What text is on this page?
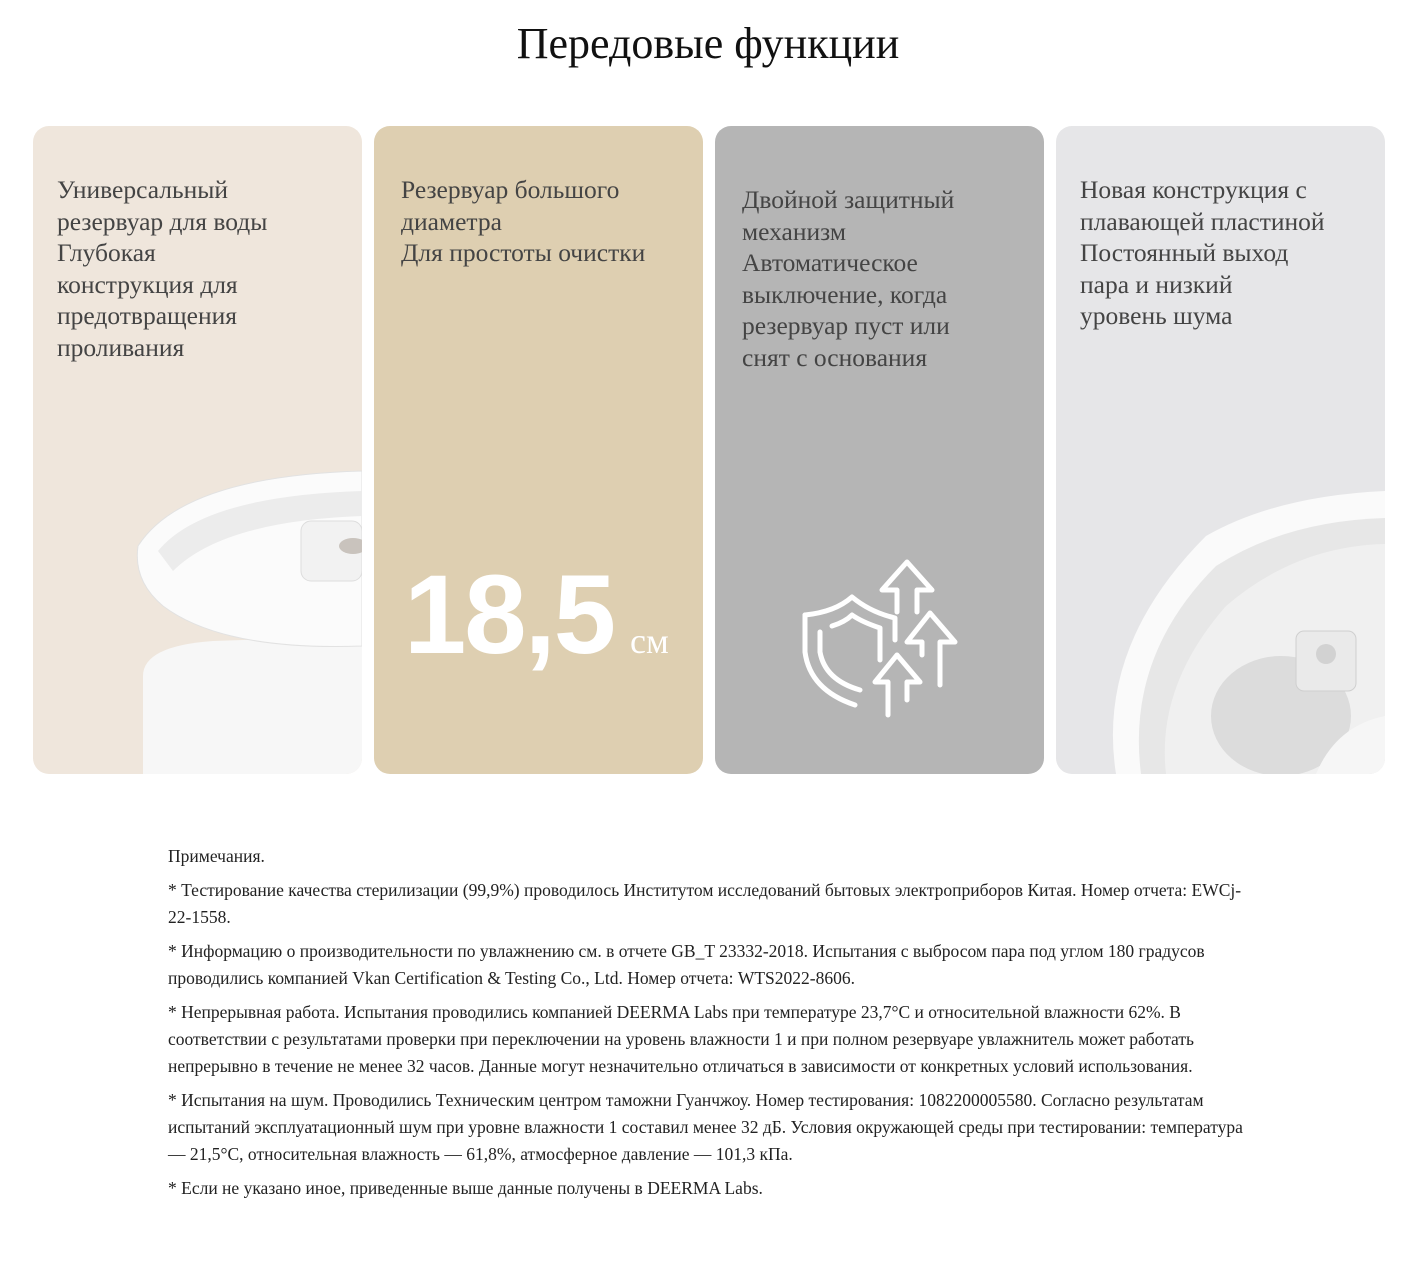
Передовые функции
Универсальный
резервуар для воды
Глубокая
конструкция для
предотвращения
проливания
Резервуар большого
диаметра
Для простоты очистки
18,5 см
Двойной защитный
механизм
Автоматическое
выключение, когда
резервуар пуст или
снят с основания
Новая конструкция с
плавающей пластиной
Постоянный выход
пара и низкий
уровень шума

Примечания.

* Тестирование качества стерилизации (99,9%) проводилось Институтом исследований бытовых электроприборов Китая. Номер отчета: EWCj-22-1558.

* Информацию о производительности по увлажнению см. в отчете GB_T 23332-2018. Испытания с выбросом пара под углом 180 градусов проводились компанией Vkan Certification & Testing Co., Ltd. Номер отчета: WTS2022-8606.

* Непрерывная работа. Испытания проводились компанией DEERMA Labs при температуре 23,7°C и относительной влажности 62%. В соответствии с результатами проверки при переключении на уровень влажности 1 и при полном резервуаре увлажнитель может работать непрерывно в течение не менее 32 часов. Данные могут незначительно отличаться в зависимости от конкретных условий использования.

* Испытания на шум. Проводились Техническим центром таможни Гуанчжоу. Номер тестирования: 1082200005580. Согласно результатам испытаний эксплуатационный шум при уровне влажности 1 составил менее 32 дБ. Условия окружающей среды при тестировании: температура — 21,5°C, относительная влажность — 61,8%, атмосферное давление — 101,3 кПа.

* Если не указано иное, приведенные выше данные получены в DEERMA Labs.
